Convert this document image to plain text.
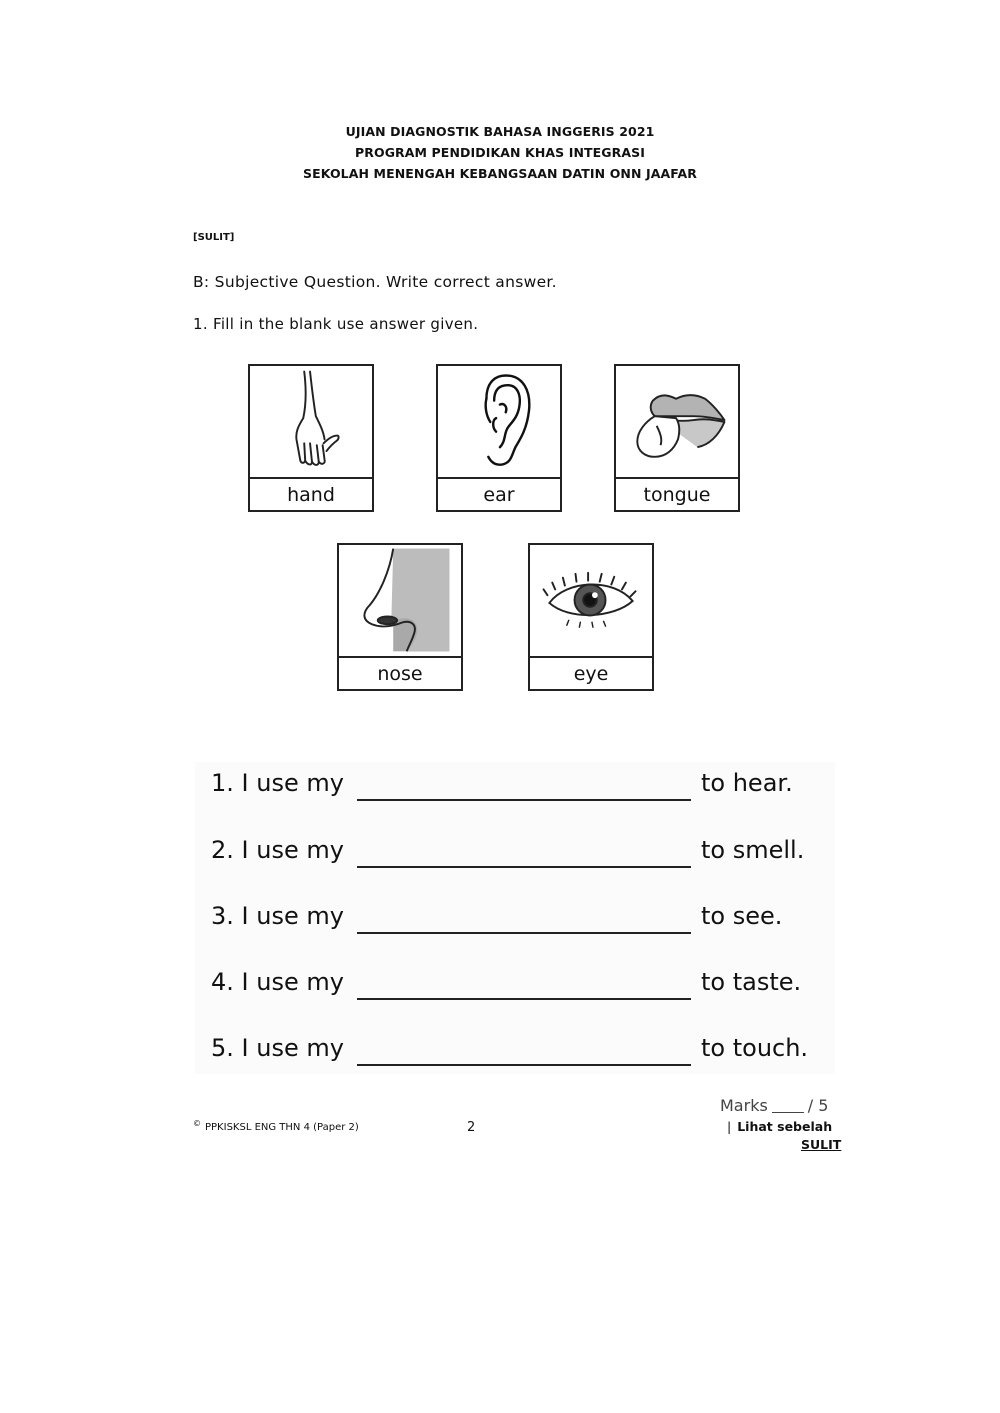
UJIAN DIAGNOSTIK BAHASA INGGERIS 2021
PROGRAM PENDIDIKAN KHAS INTEGRASI
SEKOLAH MENENGAH KEBANGSAAN DATIN ONN JAAFAR
[SULIT]
B: Subjective Question. Write correct answer.
1. Fill in the blank use answer given.
hand	ear	tongue
nose	eye
1. I use my	to hear.
2. I use my	to smell.
3. I use my	to see.
4. I use my	to taste.
5. I use my	to touch.
Marks	/ 5
© PPKISKSL ENG THN 4 (Paper 2)	2	| Lihat sebelah
SULIT
